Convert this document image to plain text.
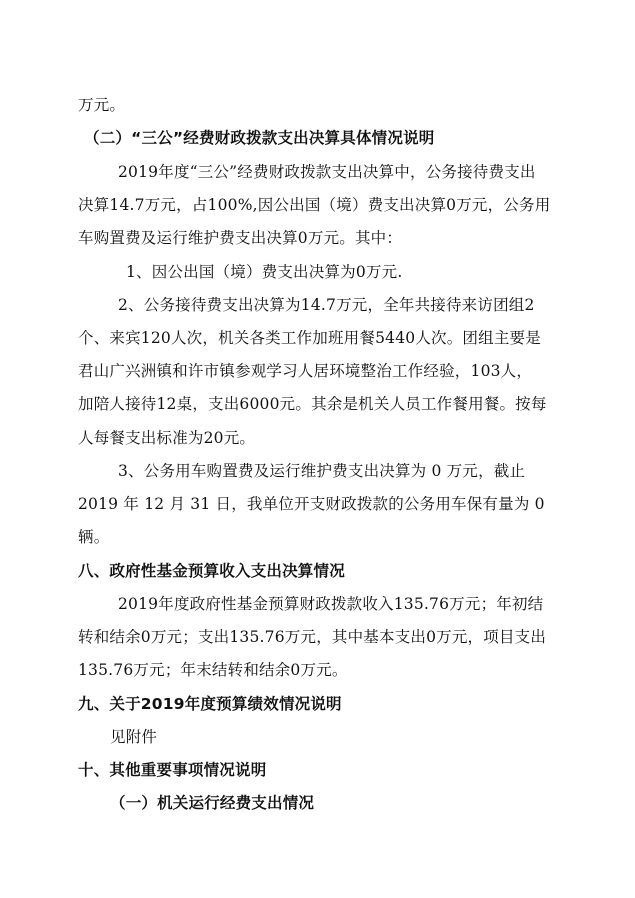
万元。
（二）“三公”经费财政拨款支出决算具体情况说明
2019年度“三公”经费财政拨款支出决算中，公务接待费支出
决算14.7万元，占100%,因公出国（境）费支出决算0万元，公务用
车购置费及运行维护费支出决算0万元。其中：
1、因公出国（境）费支出决算为0万元.
2、公务接待费支出决算为14.7万元，全年共接待来访团组2
个、来宾120人次，机关各类工作加班用餐5440人次。团组主要是
君山广兴洲镇和许市镇参观学习人居环境整治工作经验，103人，
加陪人接待12桌，支出6000元。其余是机关人员工作餐用餐。按每
人每餐支出标准为20元。
3、公务用车购置费及运行维护费支出决算为 0 万元，截止
2019 年 12 月 31 日，我单位开支财政拨款的公务用车保有量为 0
辆。
八、政府性基金预算收入支出决算情况
2019年度政府性基金预算财政拨款收入135.76万元；年初结
转和结余0万元；支出135.76万元，其中基本支出0万元，项目支出
135.76万元；年末结转和结余0万元。
九、关于2019年度预算绩效情况说明
见附件
十、其他重要事项情况说明
（一）机关运行经费支出情况
